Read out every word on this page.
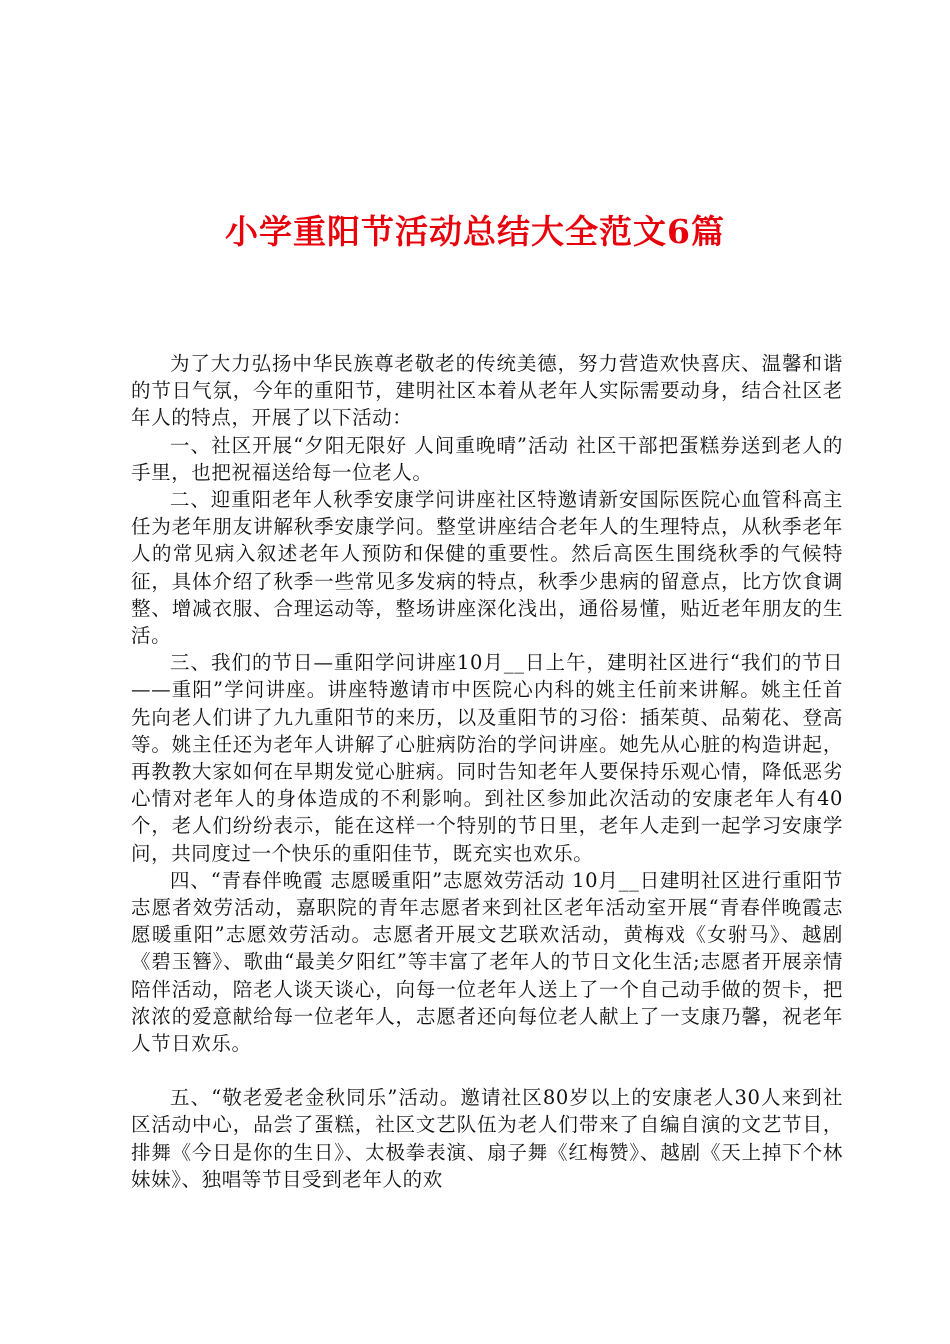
小学重阳节活动总结大全范文6篇

为了大力弘扬中华民族尊老敬老的传统美德，努力营造欢快喜庆、温馨和谐的节日气氛，今年的重阳节，建明社区本着从老年人实际需要动身，结合社区老年人的特点，开展了以下活动：

一、社区开展“夕阳无限好 人间重晚晴”活动 社区干部把蛋糕券送到老人的手里，也把祝福送给每一位老人。

二、迎重阳老年人秋季安康学问讲座社区特邀请新安国际医院心血管科高主任为老年朋友讲解秋季安康学问。整堂讲座结合老年人的生理特点，从秋季老年人的常见病入叙述老年人预防和保健的重要性。然后高医生围绕秋季的气候特征，具体介绍了秋季一些常见多发病的特点，秋季少患病的留意点，比方饮食调整、增减衣服、合理运动等，整场讲座深化浅出，通俗易懂，贴近老年朋友的生活。

三、我们的节日—重阳学问讲座10月__日上午，建明社区进行“我们的节日——重阳”学问讲座。讲座特邀请市中医院心内科的姚主任前来讲解。姚主任首先向老人们讲了九九重阳节的来历，以及重阳节的习俗：插茱萸、品菊花、登高等。姚主任还为老年人讲解了心脏病防治的学问讲座。她先从心脏的构造讲起，再教教大家如何在早期发觉心脏病。同时告知老年人要保持乐观心情，降低恶劣心情对老年人的身体造成的不利影响。到社区参加此次活动的安康老年人有40个，老人们纷纷表示，能在这样一个特别的节日里，老年人走到一起学习安康学问，共同度过一个快乐的重阳佳节，既充实也欢乐。

四、“青春伴晚霞 志愿暖重阳”志愿效劳活动 10月__日建明社区进行重阳节志愿者效劳活动，嘉职院的青年志愿者来到社区老年活动室开展“青春伴晚霞志愿暖重阳”志愿效劳活动。志愿者开展文艺联欢活动，黄梅戏《女驸马》、越剧《碧玉簪》、歌曲“最美夕阳红”等丰富了老年人的节日文化生活;志愿者开展亲情陪伴活动，陪老人谈天谈心，向每一位老年人送上了一个自己动手做的贺卡，把浓浓的爱意献给每一位老年人，志愿者还向每位老人献上了一支康乃馨，祝老年人节日欢乐。

五、“敬老爱老金秋同乐”活动。邀请社区80岁以上的安康老人30人来到社区活动中心，品尝了蛋糕，社区文艺队伍为老人们带来了自编自演的文艺节目，排舞《今日是你的生日》、太极拳表演、扇子舞《红梅赞》、越剧《天上掉下个林妹妹》、独唱等节目受到老年人的欢
